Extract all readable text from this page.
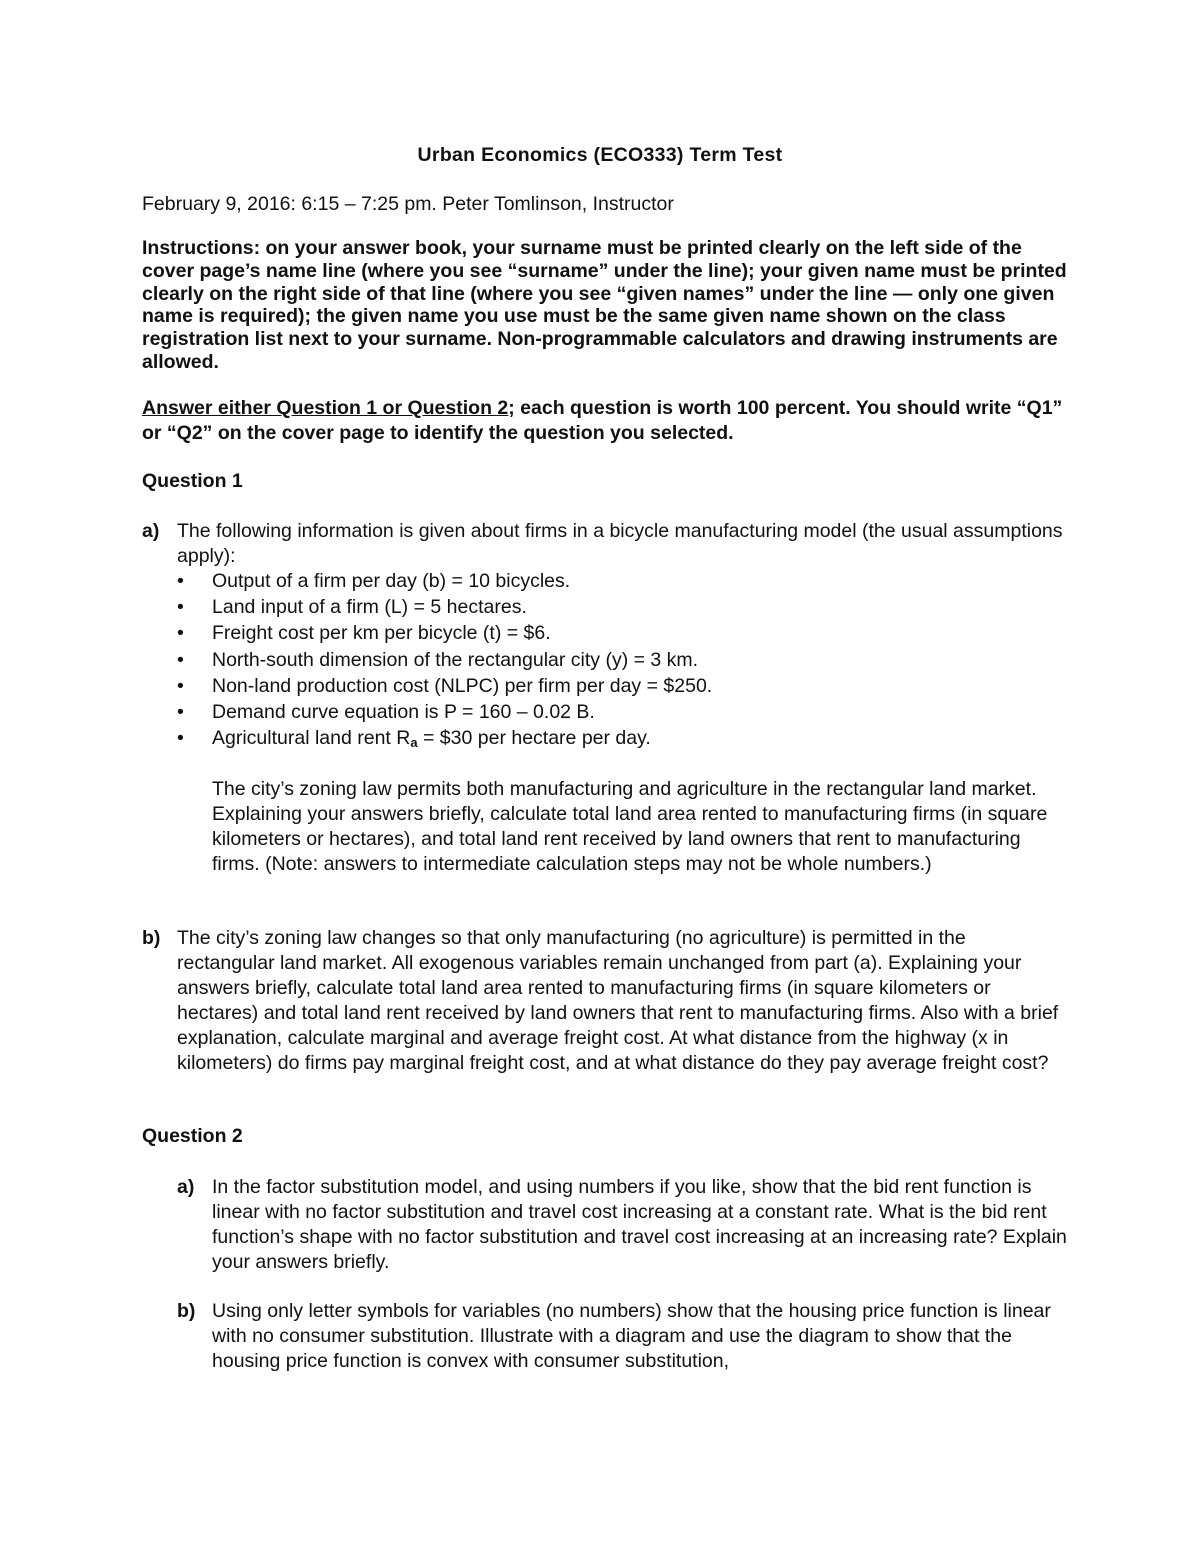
Urban Economics (ECO333) Term Test
February 9, 2016: 6:15 – 7:25 pm. Peter Tomlinson, Instructor
Instructions: on your answer book, your surname must be printed clearly on the left side of the cover page’s name line (where you see “surname” under the line); your given name must be printed clearly on the right side of that line (where you see “given names” under the line — only one given name is required); the given name you use must be the same given name shown on the class registration list next to your surname. Non-programmable calculators and drawing instruments are allowed.
Answer either Question 1 or Question 2; each question is worth 100 percent. You should write “Q1” or “Q2” on the cover page to identify the question you selected.
Question 1
a) The following information is given about firms in a bicycle manufacturing model (the usual assumptions apply):
• Output of a firm per day (b) = 10 bicycles.
• Land input of a firm (L) = 5 hectares.
• Freight cost per km per bicycle (t) = $6.
• North-south dimension of the rectangular city (y) = 3 km.
• Non-land production cost (NLPC) per firm per day = $250.
• Demand curve equation is P = 160 – 0.02 B.
• Agricultural land rent $R_a$ = $30 per hectare per day.
The city’s zoning law permits both manufacturing and agriculture in the rectangular land market. Explaining your answers briefly, calculate total land area rented to manufacturing firms (in square kilometers or hectares), and total land rent received by land owners that rent to manufacturing firms. (Note: answers to intermediate calculation steps may not be whole numbers.)
b) The city’s zoning law changes so that only manufacturing (no agriculture) is permitted in the rectangular land market. All exogenous variables remain unchanged from part (a). Explaining your answers briefly, calculate total land area rented to manufacturing firms (in square kilometers or hectares) and total land rent received by land owners that rent to manufacturing firms. Also with a brief explanation, calculate marginal and average freight cost. At what distance from the highway (x in kilometers) do firms pay marginal freight cost, and at what distance do they pay average freight cost?
Question 2
a) In the factor substitution model, and using numbers if you like, show that the bid rent function is linear with no factor substitution and travel cost increasing at a constant rate. What is the bid rent function’s shape with no factor substitution and travel cost increasing at an increasing rate? Explain your answers briefly.
b) Using only letter symbols for variables (no numbers) show that the housing price function is linear with no consumer substitution. Illustrate with a diagram and use the diagram to show that the housing price function is convex with consumer substitution,
